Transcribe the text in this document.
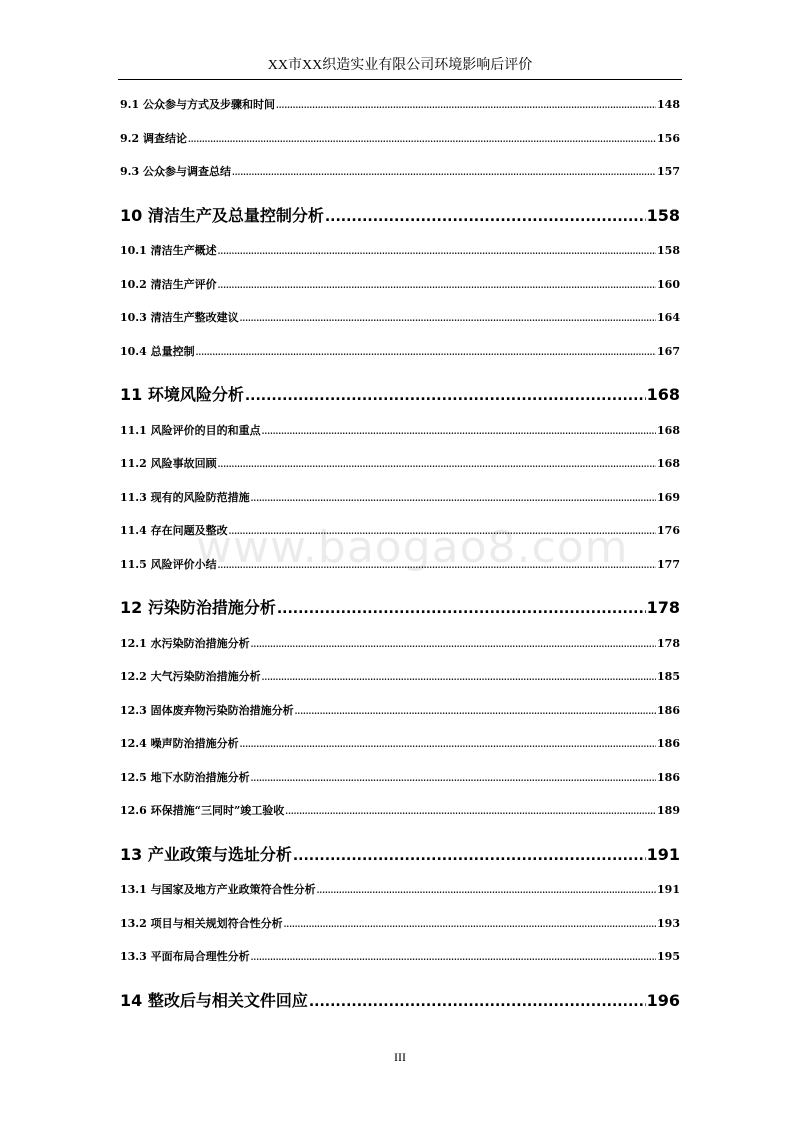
XX市XX织造实业有限公司环境影响后评价
www.baogao8.com
9.1 公众参与方式及步骤和时间 .....	148
9.2 调查结论 .....	156
9.3 公众参与调查总结 .....	157
10 清洁生产及总量控制分析 .....	158
10.1 清洁生产概述 .....	158
10.2 清洁生产评价 .....	160
10.3 清洁生产整改建议 .....	164
10.4 总量控制 .....	167
11 环境风险分析 .....	168
11.1 风险评价的目的和重点 .....	168
11.2 风险事故回顾 .....	168
11.3 现有的风险防范措施 .....	169
11.4 存在问题及整改 .....	176
11.5 风险评价小结 .....	177
12 污染防治措施分析 .....	178
12.1 水污染防治措施分析 .....	178
12.2 大气污染防治措施分析 .....	185
12.3 固体废弃物污染防治措施分析 .....	186
12.4 噪声防治措施分析 .....	186
12.5 地下水防治措施分析 .....	186
12.6 环保措施“三同时”竣工验收 .....	189
13 产业政策与选址分析 .....	191
13.1 与国家及地方产业政策符合性分析 .....	191
13.2 项目与相关规划符合性分析 .....	193
13.3 平面布局合理性分析 .....	195
14 整改后与相关文件回应 .....	196
III
